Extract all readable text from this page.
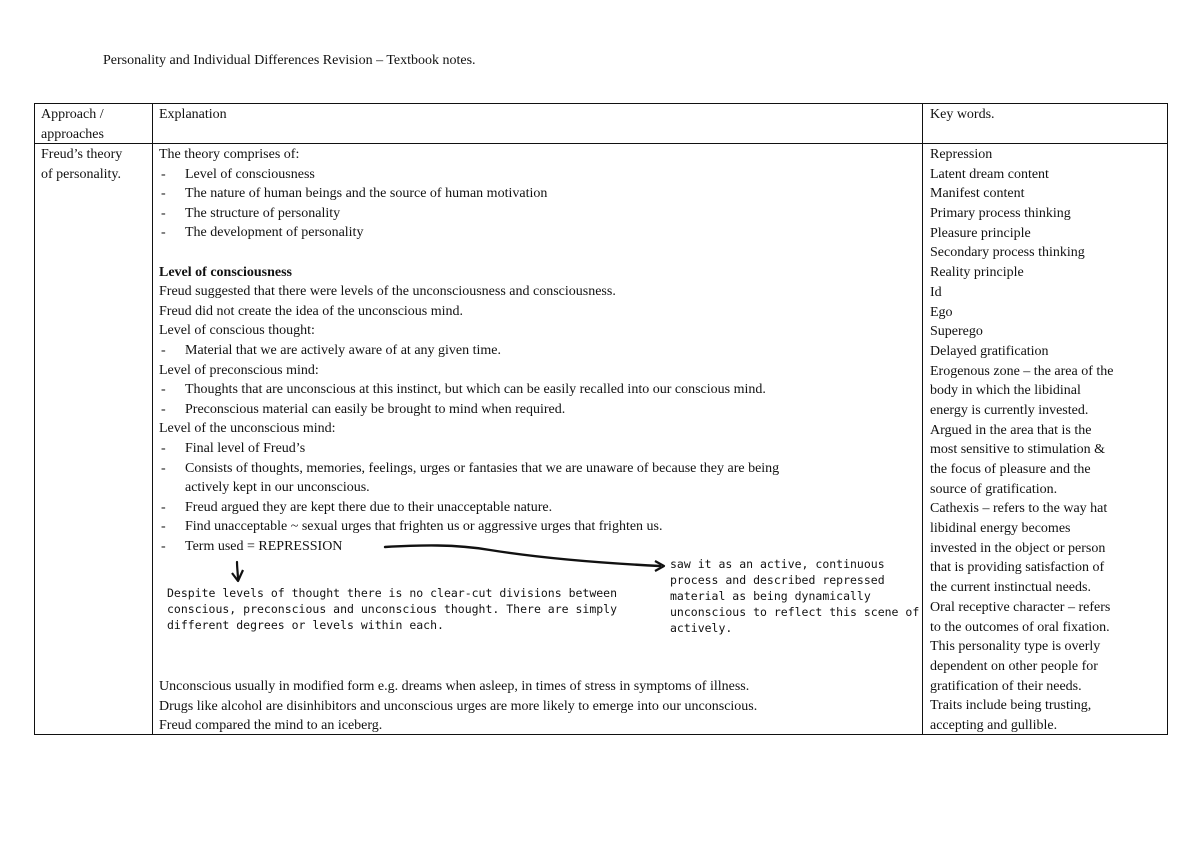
Personality and Individual Differences Revision – Textbook notes.
Approach /
approaches
Explanation	Key words.
Freud’s theory
of personality.
The theory comprises of:
- Level of consciousness
- The nature of human beings and the source of human motivation
- The structure of personality
- The development of personality
Level of consciousness
Freud suggested that there were levels of the unconsciousness and consciousness.
Freud did not create the idea of the unconscious mind.
Level of conscious thought:
- Material that we are actively aware of at any given time.
Level of preconscious mind:
- Thoughts that are unconscious at this instinct, but which can be easily recalled into our conscious mind.
- Preconscious material can easily be brought to mind when required.
Level of the unconscious mind:
- Final level of Freud’s
- Consists of thoughts, memories, feelings, urges or fantasies that we are unaware of because they are being
actively kept in our unconscious.
- Freud argued they are kept there due to their unacceptable nature.
- Find unacceptable ~ sexual urges that frighten us or aggressive urges that frighten us.
- Term used = REPRESSION
Unconscious usually in modified form e.g. dreams when asleep, in times of stress in symptoms of illness.
Drugs like alcohol are disinhibitors and unconscious urges are more likely to emerge into our unconscious.
Freud compared the mind to an iceberg.
Repression
Latent dream content
Manifest content
Primary process thinking
Pleasure principle
Secondary process thinking
Reality principle
Id
Ego
Superego
Delayed gratification
Erogenous zone – the area of the
body in which the libidinal
energy is currently invested.
Argued in the area that is the
most sensitive to stimulation &
the focus of pleasure and the
source of gratification.
Cathexis – refers to the way hat
libidinal energy becomes
invested in the object or person
that is providing satisfaction of
the current instinctual needs.
Oral receptive character – refers
to the outcomes of oral fixation.
This personality type is overly
dependent on other people for
gratification of their needs.
Traits include being trusting,
accepting and gullible.
Despite levels of thought there is no clear-cut divisions between
conscious, preconscious and unconscious thought. There are simply
different degrees or levels within each.
saw it as an active, continuous
process and described repressed
material as being dynamically
unconscious to reflect this scene of
actively.
